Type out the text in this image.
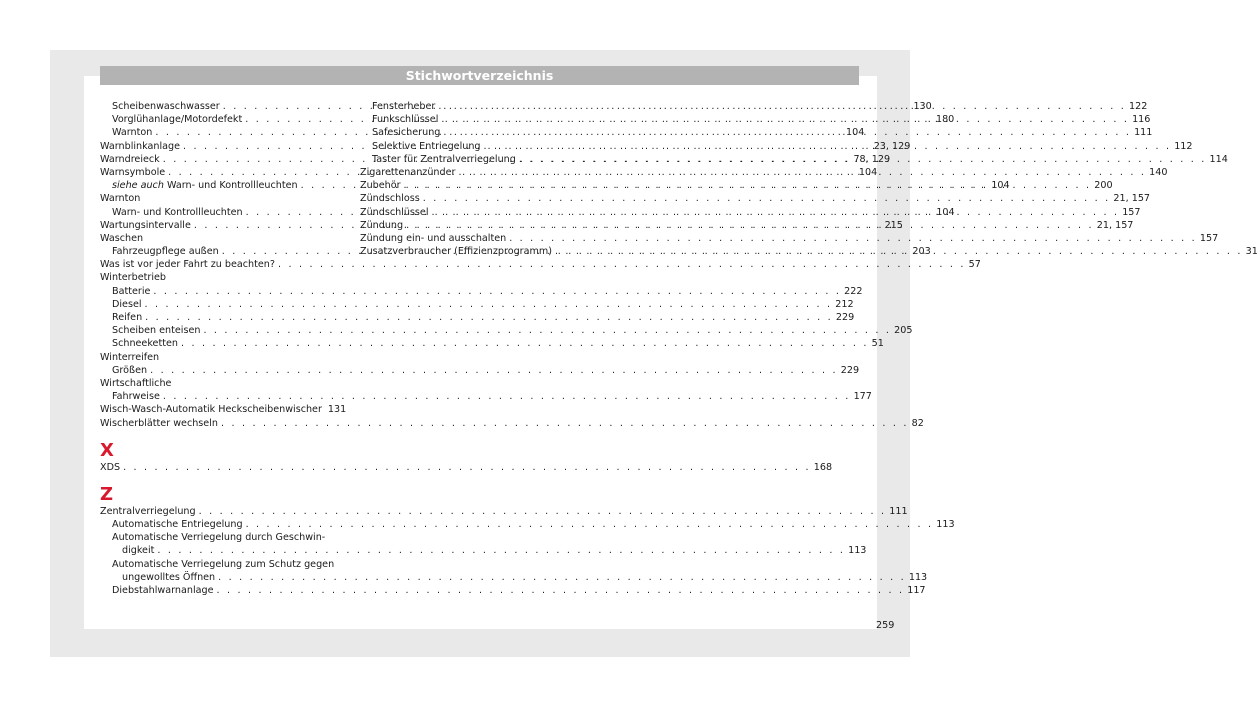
Stichwortverzeichnis
Scheibenwaschwasser . . .	130
Vorglühanlage/Motordefekt . . .	180
Warnton . . .	104
Warnblinkanlage . . .	23, 129
Warndreieck . . .	78, 129
Warnsymbole . . .	104
siehe auch Warn- und Kontrollleuchten . . .	104
Warnton
Warn- und Kontrollleuchten . . .	104
Wartungsintervalle . . .	215
Waschen
Fahrzeugpflege außen . . .	203
Was ist vor jeder Fahrt zu beachten? . . .	57
Winterbetrieb
Batterie . . .	222
Diesel . . .	212
Reifen . . .	229
Scheiben enteisen . . .	205
Schneeketten . . .	51
Winterreifen
Größen . . .	229
Wirtschaftliche
Fahrweise . . .	177
Wisch-Wasch-Automatik Heckscheibenwischer 131
Wischerblätter wechseln . . .	82
X
XDS . . .	168
Z
Zentralverriegelung . . .	111
Automatische Entriegelung . . .	113
Automatische Verriegelung durch Geschwin-
digkeit . . .	113
Automatische Verriegelung zum Schutz gegen
ungewolltes Öffnen . . .	113
Diebstahlwarnanlage . . .	117
Fensterheber . . .	122
Funkschlüssel . . .	116
Safesicherung . . .	111
Selektive Entriegelung . . .	112
Taster für Zentralverriegelung . . .	114
Zigarettenanzünder . . .	140
Zubehör . . .	200
Zündschloss . . .	21, 157
Zündschlüssel . . .	157
Zündung . . .	21, 157
Zündung ein- und ausschalten . . .	157
Zusatzverbraucher (Effizienzprogramm) . . .	31
259
